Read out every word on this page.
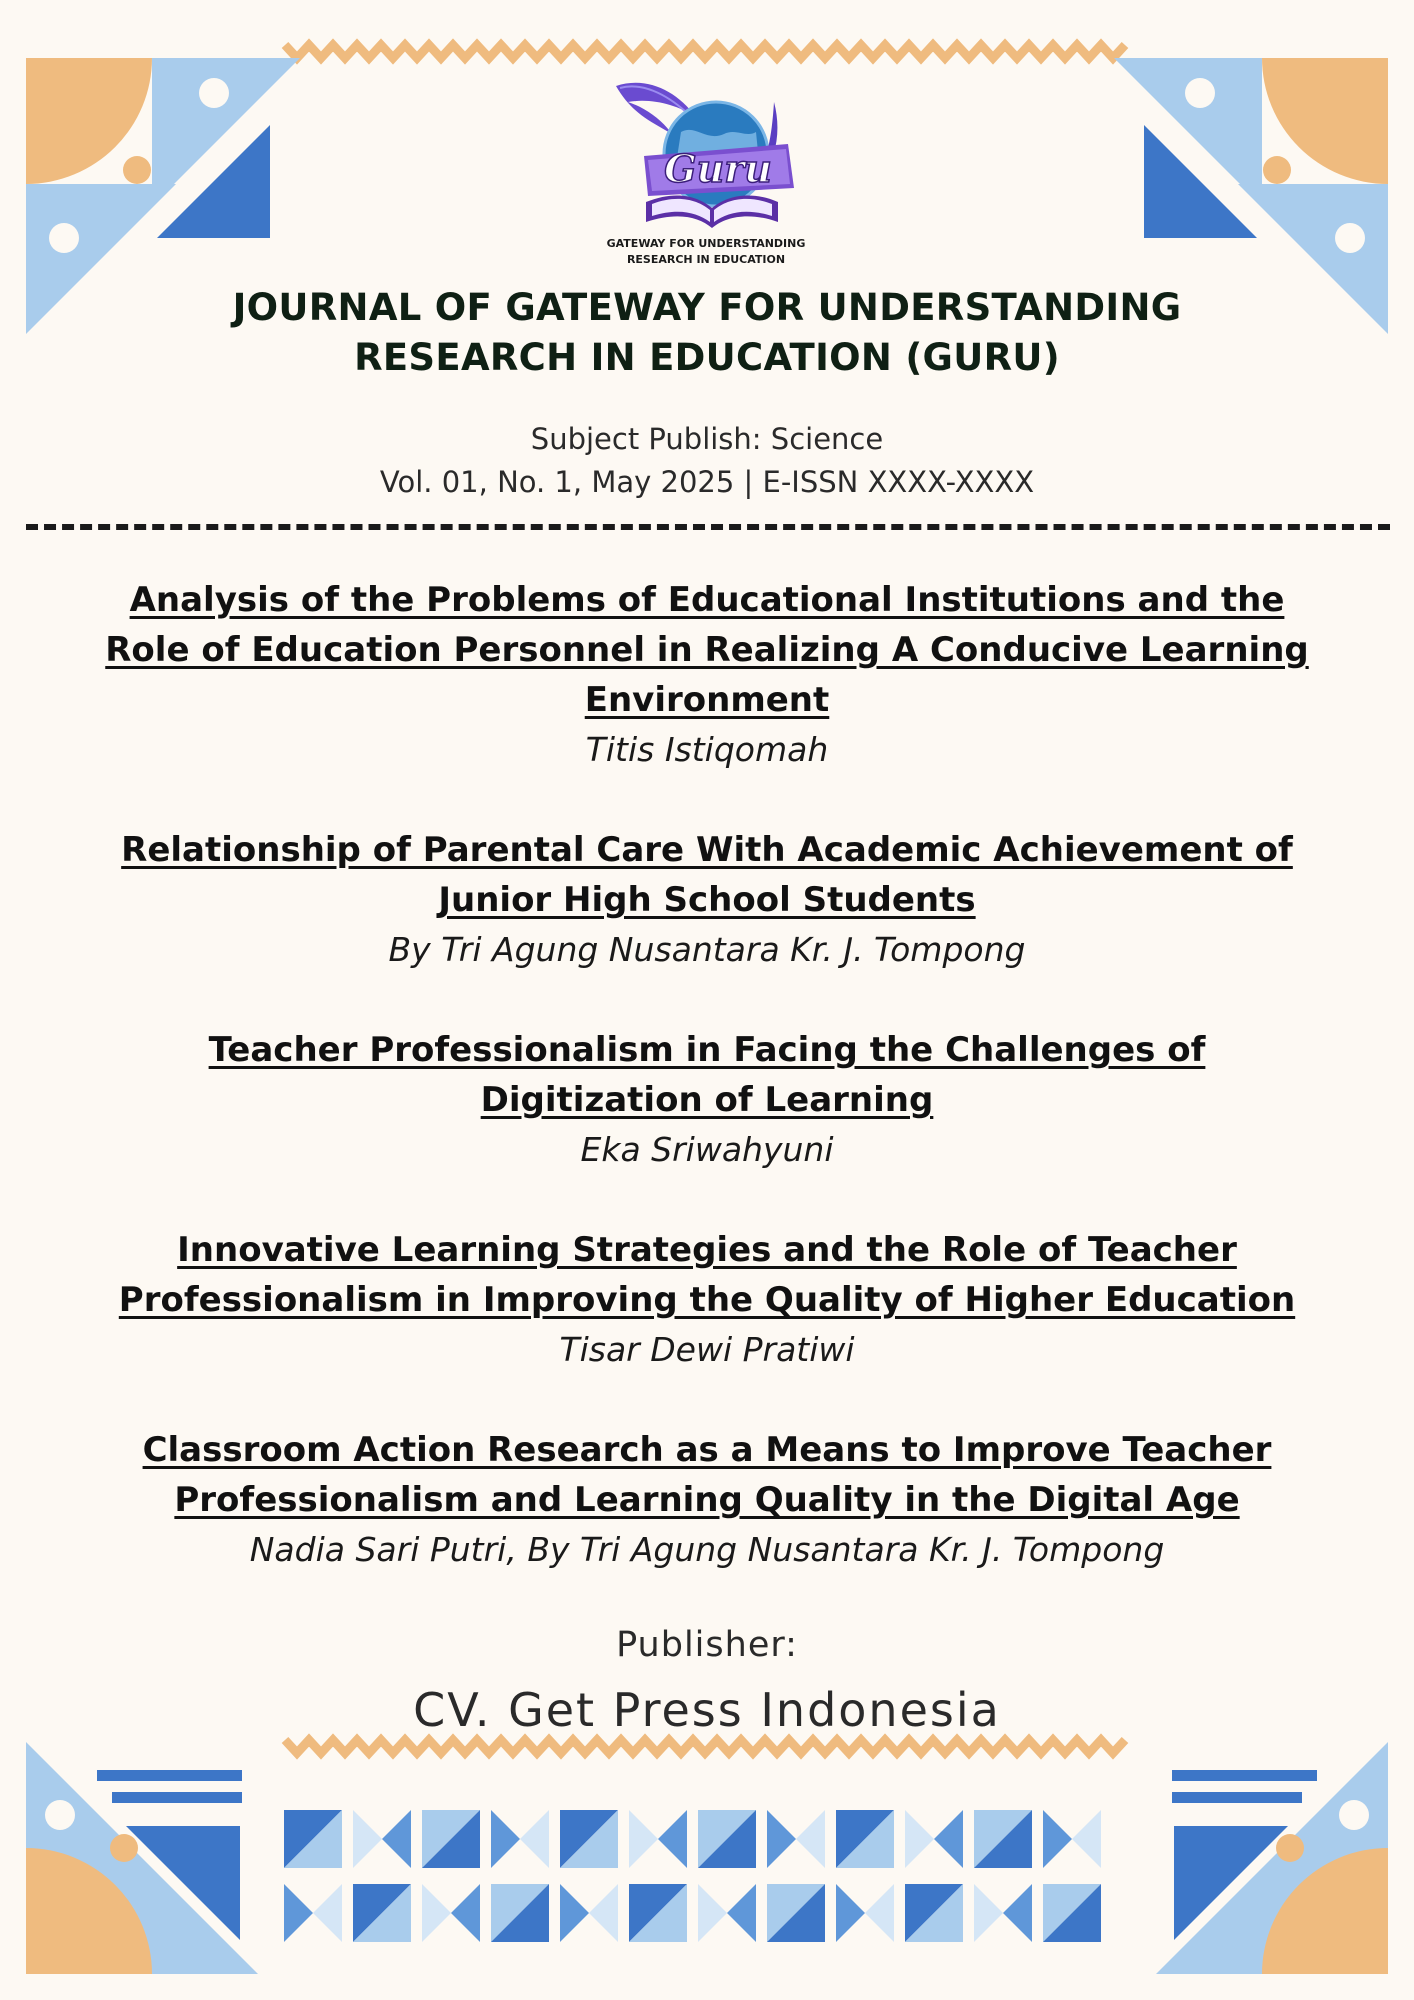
Guru
GATEWAY FOR UNDERSTANDING
RESEARCH IN EDUCATION
JOURNAL OF GATEWAY FOR UNDERSTANDING
RESEARCH IN EDUCATION (GURU)
Subject Publish: Science
Vol. 01, No. 1, May 2025 | E-ISSN XXXX-XXXX

Analysis of the Problems of Educational Institutions and the

Role of Education Personnel in Realizing A Conducive Learning

Environment

Titis Istiqomah

Relationship of Parental Care With Academic Achievement of

Junior High School Students

By Tri Agung Nusantara Kr. J. Tompong

Teacher Professionalism in Facing the Challenges of

Digitization of Learning

Eka Sriwahyuni

Innovative Learning Strategies and the Role of Teacher

Professionalism in Improving the Quality of Higher Education

Tisar Dewi Pratiwi

Classroom Action Research as a Means to Improve Teacher

Professionalism and Learning Quality in the Digital Age

Nadia Sari Putri, By Tri Agung Nusantara Kr. J. Tompong

Publisher:
CV. Get Press Indonesia
